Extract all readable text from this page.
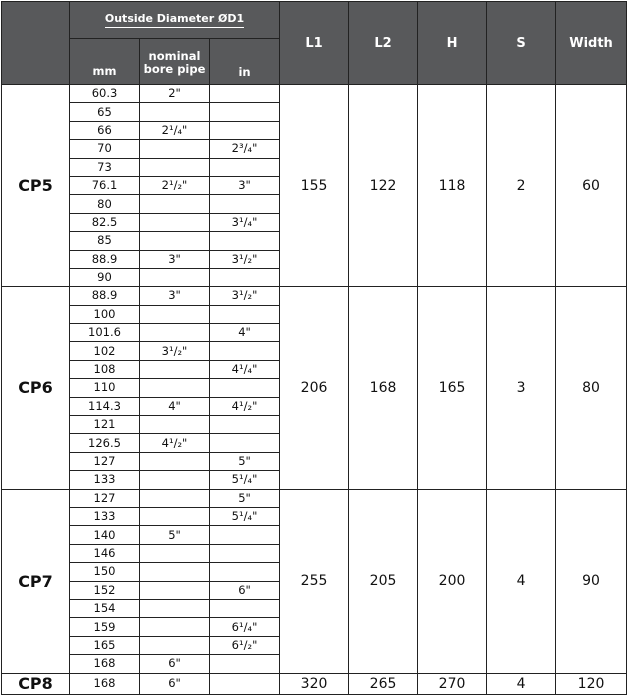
	Outside Diameter ØD1			L1	L2	H	S	Width
	mm	nominal bore pipe	in					
CP5	60.3	2"		155	122	118	2	60
	65							
	66	2¹/₄"						
	70		2³/₄"					
	73							
	76.1	2¹/₂"	3"					
	80							
	82.5		3¹/₄"					
	85							
	88.9	3"	3¹/₂"					
	90							
CP6	88.9	3"	3¹/₂"	206	168	165	3	80
	100							
	101.6		4"					
	102	3¹/₂"						
	108		4¹/₄"					
	110							
	114.3	4"	4¹/₂"					
	121							
	126.5	4¹/₂"						
	127		5"					
	133		5¹/₄"					
CP7	127		5"	255	205	200	4	90
	133		5¹/₄"					
	140	5"						
	146							
	150							
	152		6"					
	154							
	159		6¹/₄"					
	165		6¹/₂"					
	168	6"						
CP8	168	6"		320	265	270	4	120
